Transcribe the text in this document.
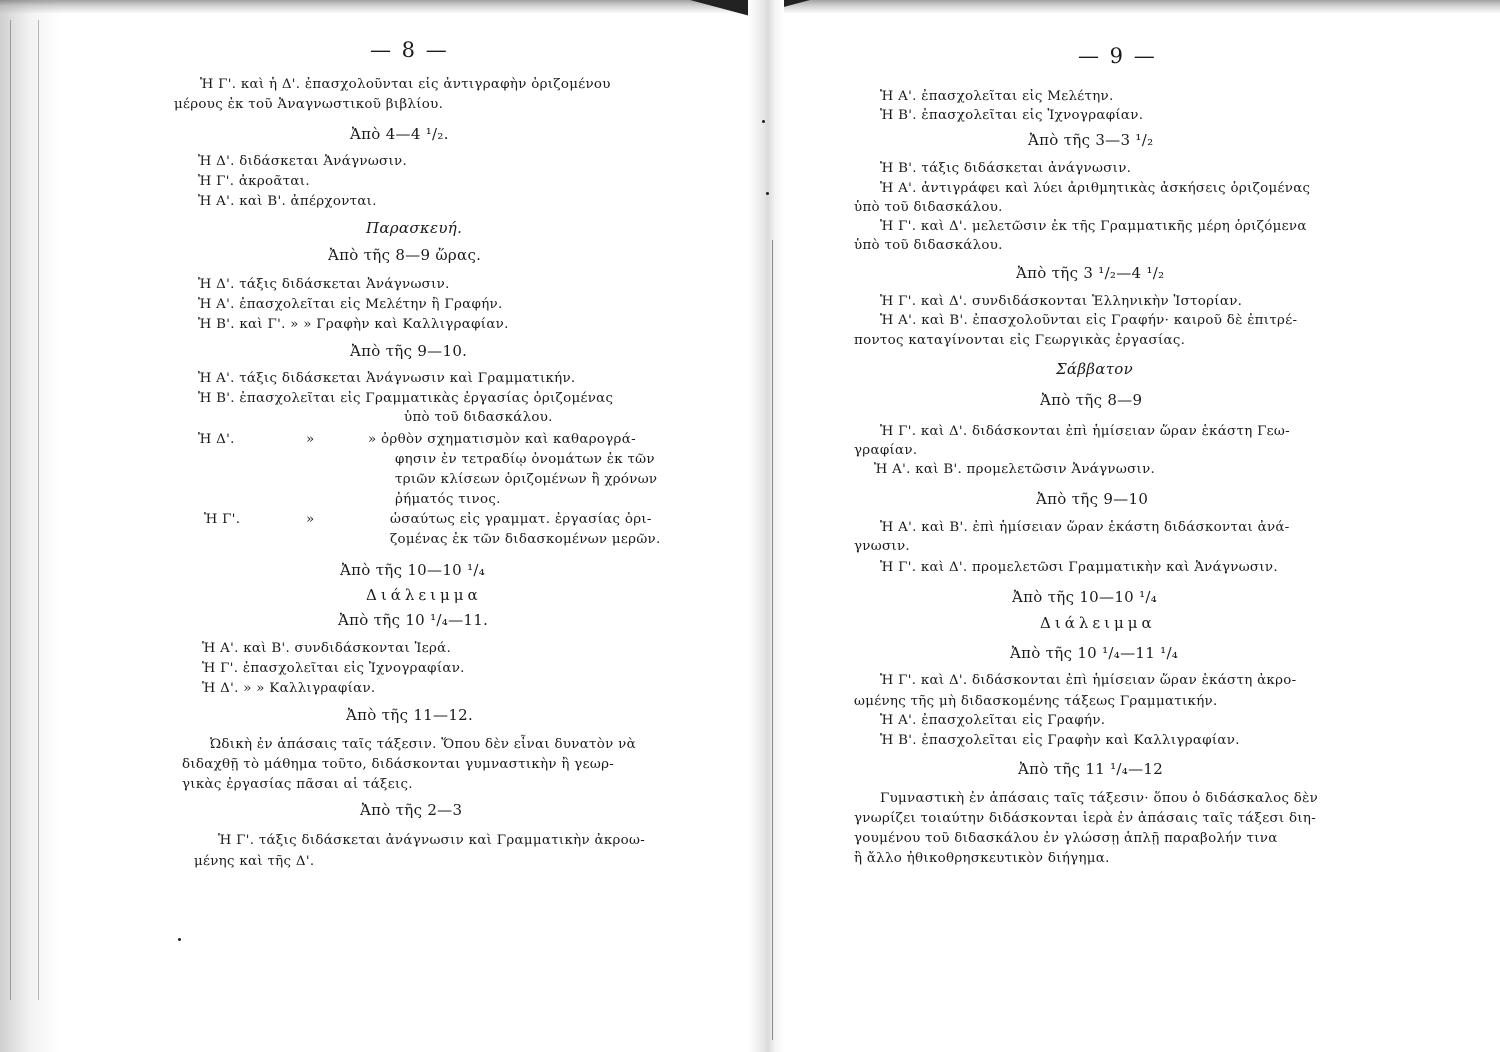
— 8 —
Ἡ Γ'. καὶ ἡ Δ'. ἐπασχολοῦνται εἰς ἀντιγραφὴν ὁριζομένου
μέρους ἐκ τοῦ Ἀναγνωστικοῦ βιβλίου.
Ἀπὸ 4—4 ¹/₂.
Ἡ Δ'. διδάσκεται Ἀνάγνωσιν.
Ἡ Γ'. ἀκροᾶται.
Ἡ Α'. καὶ Β'. ἀπέρχονται.
Παρασκευή.
Ἀπὸ τῆς 8—9 ὥρας.
Ἡ Δ'. τάξις διδάσκεται Ἀνάγνωσιν.
Ἡ Α'. ἐπασχολεῖται εἰς Μελέτην ἢ Γραφήν.
Ἡ Β'. καὶ Γ'. » » Γραφὴν καὶ Καλλιγραφίαν.
Ἀπὸ τῆς 9—10.
Ἡ Α'. τάξις διδάσκεται Ἀνάγνωσιν καὶ Γραμματικήν.
Ἡ Β'. ἐπασχολεῖται εἰς Γραμματικὰς ἐργασίας ὁριζομένας
ὑπὸ τοῦ διδασκάλου.
Ἡ Δ'.	»	» ὀρθὸν σχηματισμὸν καὶ καθαρογρά-
φησιν ἐν τετραδίῳ ὀνομάτων ἐκ τῶν
τριῶν κλίσεων ὁριζομένων ἢ χρόνων
ῥήματός τινος.
Ἡ Γ'.	»	ὡσαύτως εἰς γραμματ. ἐργασίας ὁρι-
ζομένας ἐκ τῶν διδασκομένων μερῶν.
Ἀπὸ τῆς 10—10 ¹/₄
Διάλειμμα
Ἀπὸ τῆς 10 ¹/₄—11.
Ἡ Α'. καὶ Β'. συνδιδάσκονται Ἱερά.
Ἡ Γ'. ἐπασχολεῖται εἰς Ἰχνογραφίαν.
Ἡ Δ'. » » Καλλιγραφίαν.
Ἀπὸ τῆς 11—12.
Ὠδικὴ ἐν ἁπάσαις ταῖς τάξεσιν. Ὅπου δὲν εἶναι δυνατὸν νὰ
διδαχθῇ τὸ μάθημα τοῦτο, διδάσκονται γυμναστικὴν ἢ γεωρ-
γικὰς ἐργασίας πᾶσαι αἱ τάξεις.
Ἀπὸ τῆς 2—3
Ἡ Γ'. τάξις διδάσκεται ἀνάγνωσιν καὶ Γραμματικὴν ἀκροω-
μένης καὶ τῆς Δ'.
— 9 —
Ἡ Α'. ἐπασχολεῖται εἰς Μελέτην.
Ἡ Β'. ἐπασχολεῖται εἰς Ἰχνογραφίαν.
Ἀπὸ τῆς 3—3 ¹/₂
Ἡ Β'. τάξις διδάσκεται ἀνάγνωσιν.
Ἡ Α'. ἀντιγράφει καὶ λύει ἀριθμητικὰς ἀσκήσεις ὁριζομένας
ὑπὸ τοῦ διδασκάλου.
Ἡ Γ'. καὶ Δ'. μελετῶσιν ἐκ τῆς Γραμματικῆς μέρη ὁριζόμενα
ὑπὸ τοῦ διδασκάλου.
Ἀπὸ τῆς 3 ¹/₂—4 ¹/₂
Ἡ Γ'. καὶ Δ'. συνδιδάσκονται Ἑλληνικὴν Ἱστορίαν.
Ἡ Α'. καὶ Β'. ἐπασχολοῦνται εἰς Γραφήν· καιροῦ δὲ ἐπιτρέ-
ποντος καταγίνονται εἰς Γεωργικὰς ἐργασίας.
Σάββατον
Ἀπὸ τῆς 8—9
Ἡ Γ'. καὶ Δ'. διδάσκονται ἐπὶ ἡμίσειαν ὥραν ἑκάστη Γεω-
γραφίαν.
Ἡ Α'. καὶ Β'. προμελετῶσιν Ἀνάγνωσιν.
Ἀπὸ τῆς 9—10
Ἡ Α'. καὶ Β'. ἐπὶ ἡμίσειαν ὥραν ἑκάστη διδάσκονται ἀνά-
γνωσιν.
Ἡ Γ'. καὶ Δ'. προμελετῶσι Γραμματικὴν καὶ Ἀνάγνωσιν.
Ἀπὸ τῆς 10—10 ¹/₄
Διάλειμμα
Ἀπὸ τῆς 10 ¹/₄—11 ¹/₄
Ἡ Γ'. καὶ Δ'. διδάσκονται ἐπὶ ἡμίσειαν ὥραν ἑκάστη ἀκρο-
ωμένης τῆς μὴ διδασκομένης τάξεως Γραμματικήν.
Ἡ Α'. ἐπασχολεῖται εἰς Γραφήν.
Ἡ Β'. ἐπασχολεῖται εἰς Γραφὴν καὶ Καλλιγραφίαν.
Ἀπὸ τῆς 11 ¹/₄—12
Γυμναστικὴ ἐν ἁπάσαις ταῖς τάξεσιν· ὅπου ὁ διδάσκαλος δὲν
γνωρίζει τοιαύτην διδάσκονται ἱερὰ ἐν ἁπάσαις ταῖς τάξεσι διη-
γουμένου τοῦ διδασκάλου ἐν γλώσσῃ ἁπλῇ παραβολήν τινα
ἢ ἄλλο ἠθικοθρησκευτικὸν διήγημα.
